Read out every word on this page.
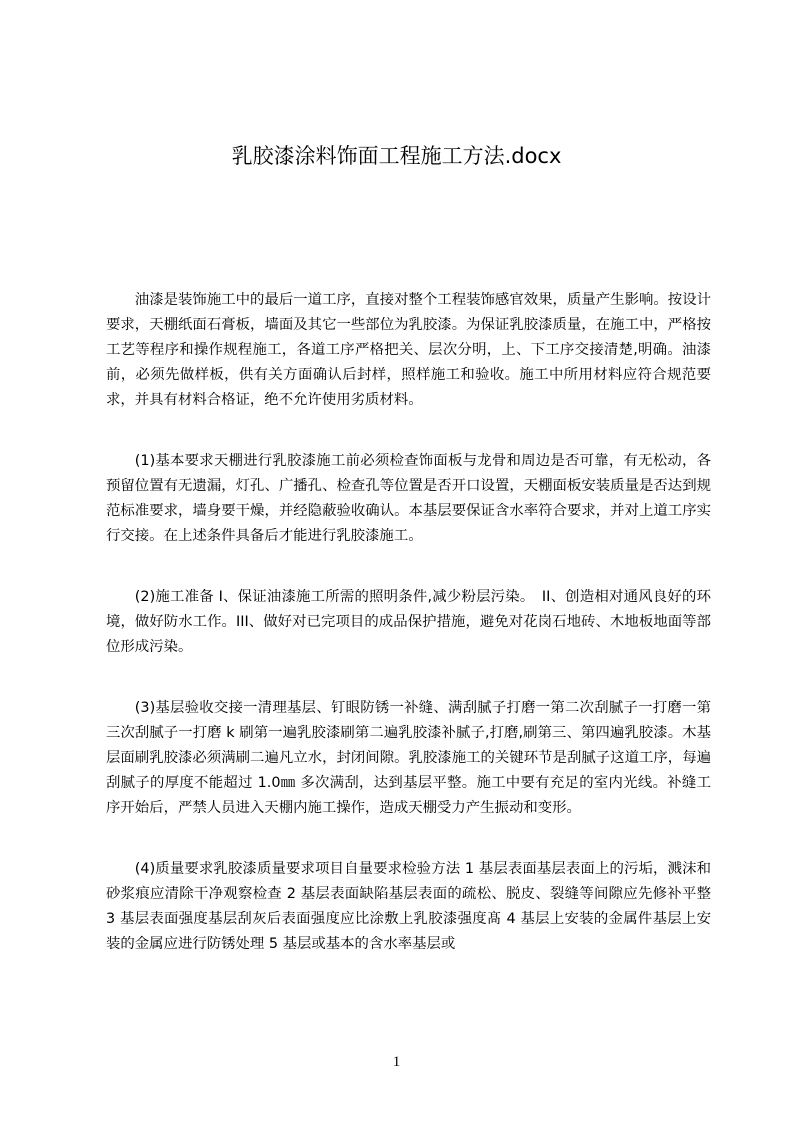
乳胶漆涂料饰面工程施工方法.docx

油漆是装饰施工中的最后一道工序，直接对整个工程装饰感官效果，质量产生影响。按设计要求，天棚纸面石膏板，墙面及其它一些部位为乳胶漆。为保证乳胶漆质量，在施工中，严格按工艺等程序和操作规程施工，各道工序严格把关、层次分明，上、下工序交接清楚,明确。油漆前，必须先做样板，供有关方面确认后封样，照样施工和验收。施工中所用材料应符合规范要求，并具有材料合格证，绝不允许使用劣质材料。

(1)基本要求天棚进行乳胶漆施工前必须检查饰面板与龙骨和周边是否可靠，有无松动，各预留位置有无遗漏，灯孔、广播孔、检查孔等位置是否开口设置，天棚面板安装质量是否达到规范标准要求，墙身要干燥，并经隐蔽验收确认。本基层要保证含水率符合要求，并对上道工序实行交接。在上述条件具备后才能进行乳胶漆施工。

(2)施工准备 I、保证油漆施工所需的照明条件,减少粉层污染。　II、创造相对通风良好的环境，做好防水工作。III、做好对已完项目的成品保护措施，避免对花岗石地砖、木地板地面等部位形成污染。

(3)基层验收交接一清理基层、钉眼防锈一补缝、满刮腻子打磨一第二次刮腻子一打磨一第三次刮腻子一打磨 k 刷第一遍乳胶漆刷第二遍乳胶漆补腻子,打磨,刷第三、第四遍乳胶漆。木基层面刷乳胶漆必须满刷二遍凡立水，封闭间隙。乳胶漆施工的关键环节是刮腻子这道工序，每遍刮腻子的厚度不能超过 1.0㎜ 多次满刮，达到基层平整。施工中要有充足的室内光线。补缝工序开始后，严禁人员进入天棚内施工操作，造成天棚受力产生振动和变形。

(4)质量要求乳胶漆质量要求项目自量要求检验方法 1 基层表面基层表面上的污垢，溅沫和砂浆痕应清除干净观察检查 2 基层表面缺陷基层表面的疏松、脱皮、裂缝等间隙应先修补平整 3 基层表面强度基层刮灰后表面强度应比涂敷上乳胶漆强度髙 4 基层上安装的金属件基层上安装的金属应进行防锈处理 5 基层或基本的含水率基层或

1
